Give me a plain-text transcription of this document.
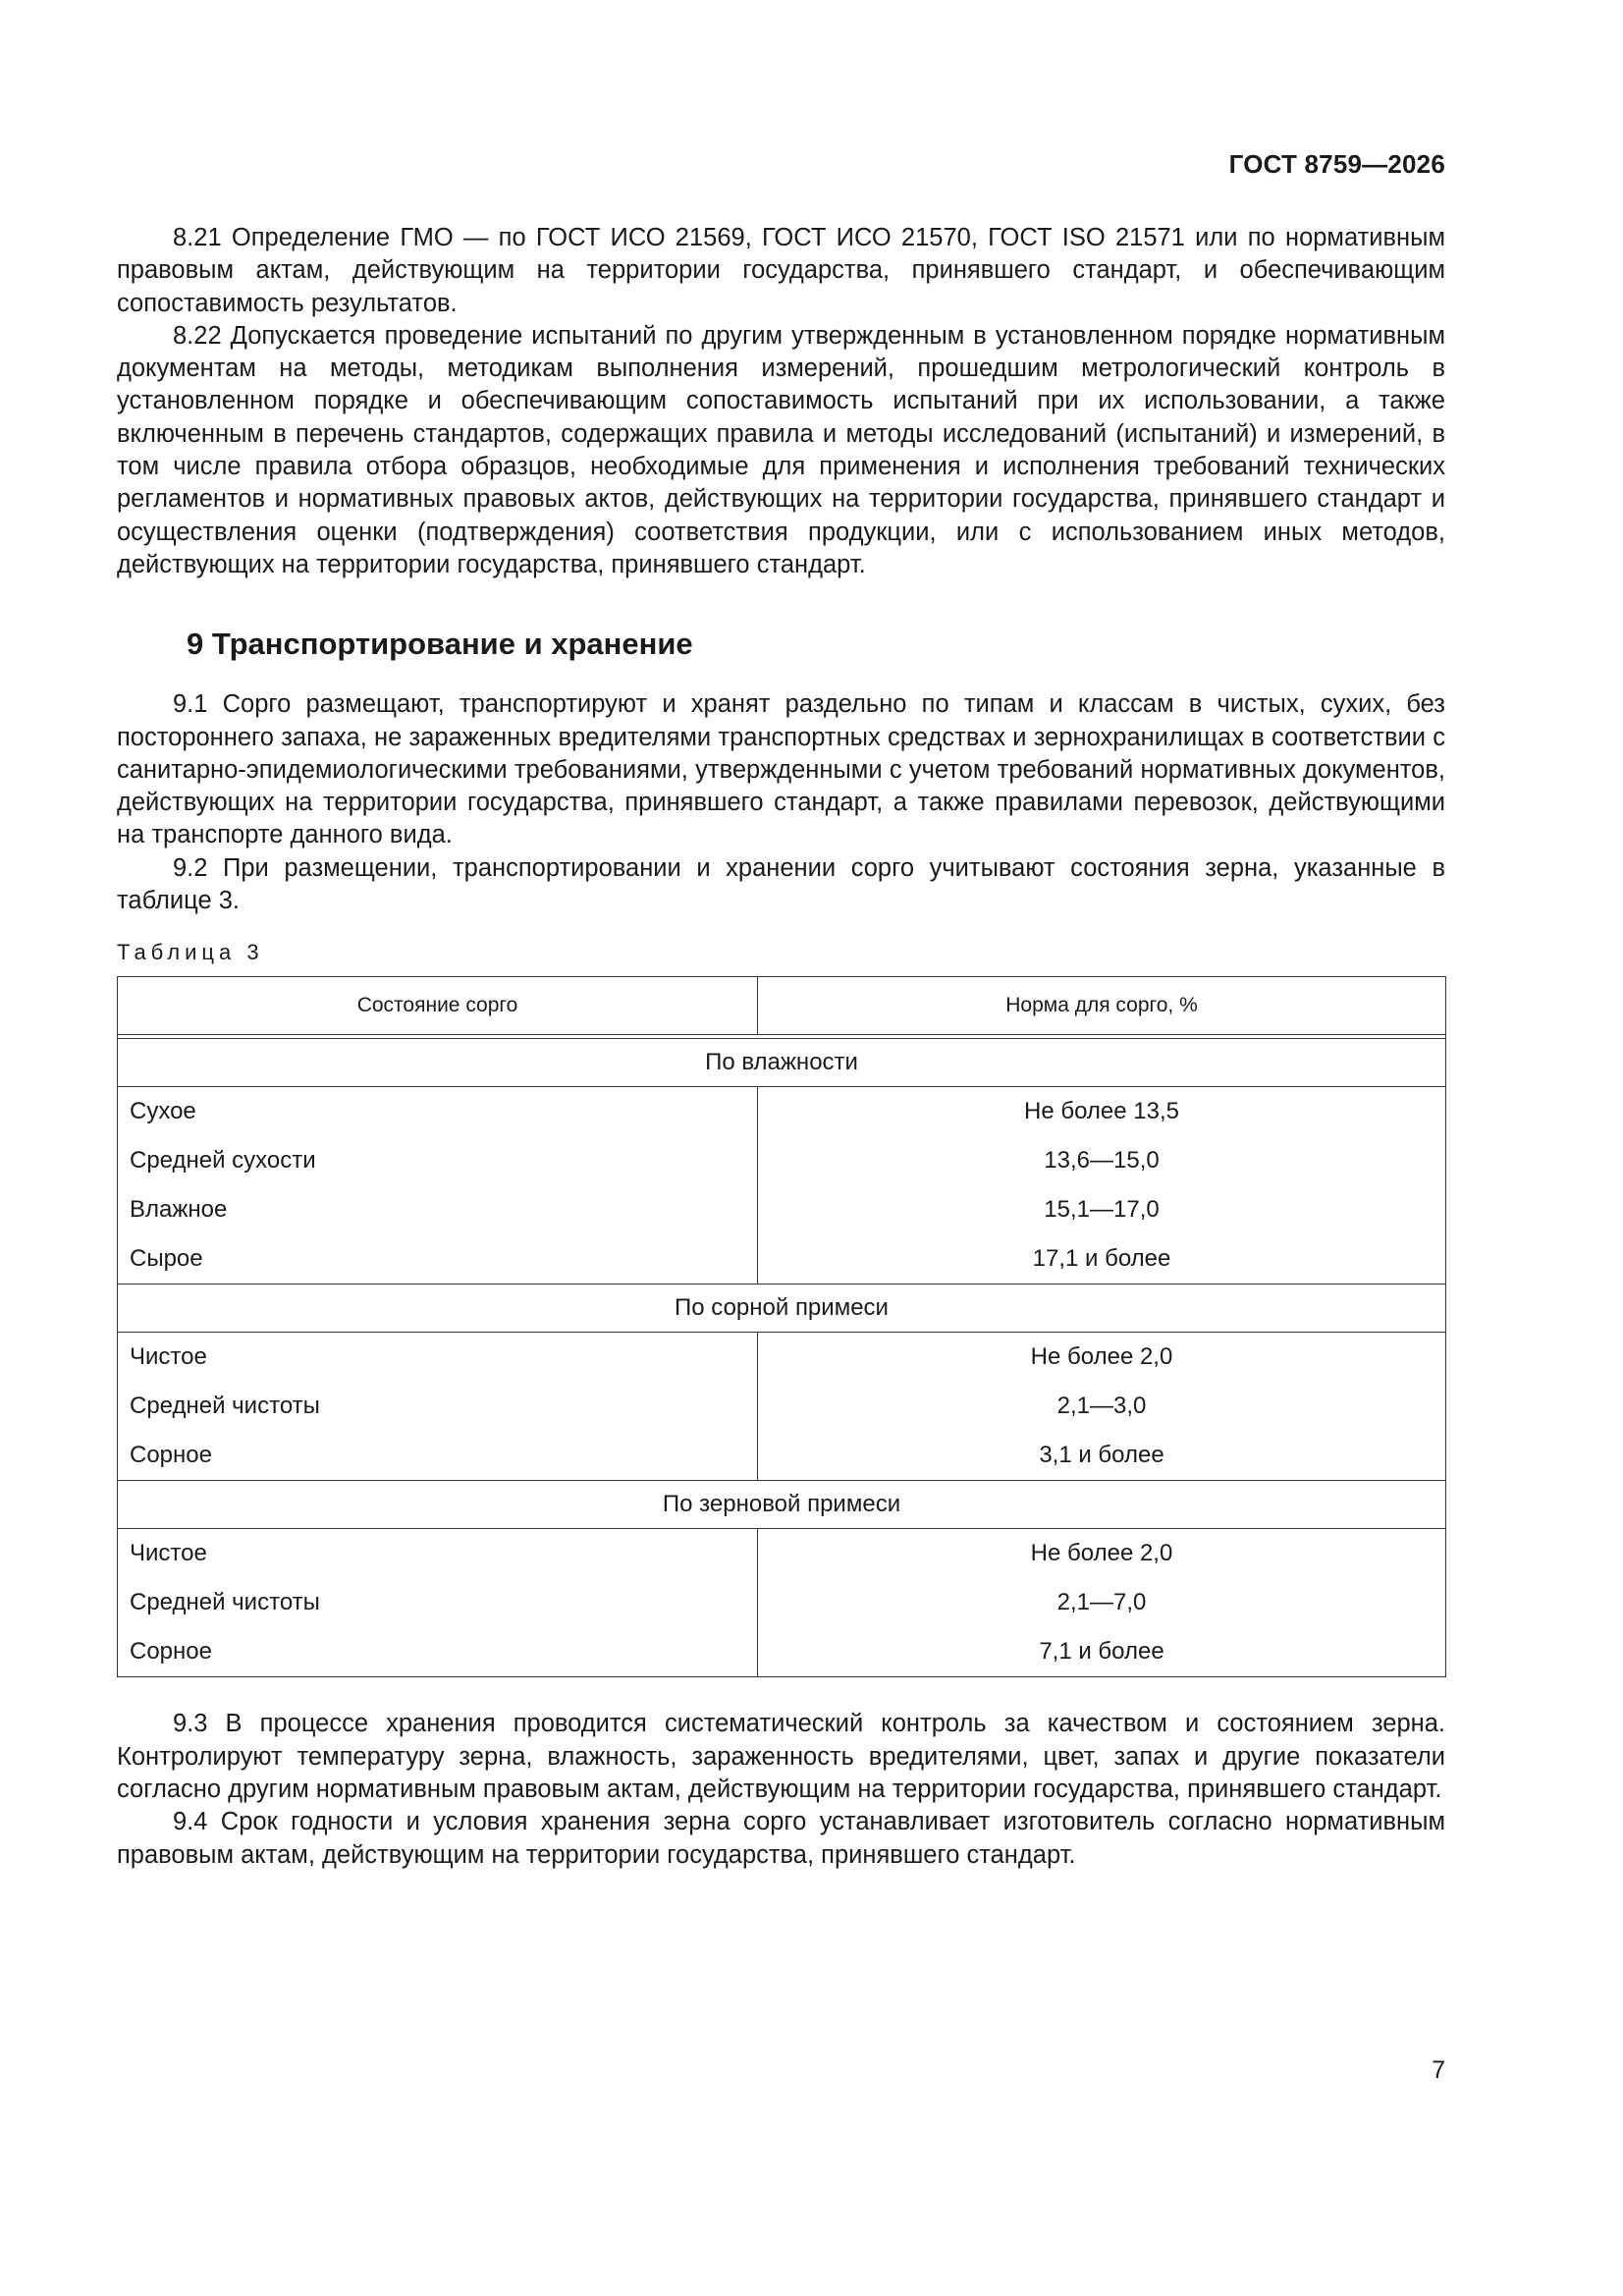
ГОСТ 8759—2026

8.21 Определение ГМО — по ГОСТ ИСО 21569, ГОСТ ИСО 21570, ГОСТ ISO 21571 или по нормативным правовым актам, действующим на территории государства, принявшего стандарт, и обеспечивающим сопоставимость результатов.

8.22 Допускается проведение испытаний по другим утвержденным в установленном порядке нормативным документам на методы, методикам выполнения измерений, прошедшим метрологический контроль в установленном порядке и обеспечивающим сопоставимость испытаний при их использовании, а также включенным в перечень стандартов, содержащих правила и методы исследований (испытаний) и измерений, в том числе правила отбора образцов, необходимые для применения и исполнения требований технических регламентов и нормативных правовых актов, действующих на территории государства, принявшего стандарт и осуществления оценки (подтверждения) соответствия продукции, или с использованием иных методов, действующих на территории государства, принявшего стандарт.

9 Транспортирование и хранение

9.1 Сорго размещают, транспортируют и хранят раздельно по типам и классам в чистых, сухих, без постороннего запаха, не зараженных вредителями транспортных средствах и зернохранилищах в соответствии с санитарно-эпидемиологическими требованиями, утвержденными с учетом требований нормативных документов, действующих на территории государства, принявшего стандарт, а также правилами перевозок, действующими на транспорте данного вида.

9.2 При размещении, транспортировании и хранении сорго учитывают состояния зерна, указанные в таблице 3.

Таблица 3
Состояние сорго	Норма для сорго, %

По влажности	
Сухое	Не более 13,5
Средней сухости	13,6—15,0
Влажное	15,1—17,0
Сырое	17,1 и более
По сорной примеси	
Чистое	Не более 2,0
Средней чистоты	2,1—3,0
Сорное	3,1 и более
По зерновой примеси	
Чистое	Не более 2,0
Средней чистоты	2,1—7,0
Сорное	7,1 и более

9.3 В процессе хранения проводится систематический контроль за качеством и состоянием зерна. Контролируют температуру зерна, влажность, зараженность вредителями, цвет, запах и другие показатели согласно другим нормативным правовым актам, действующим на территории государства, принявшего стандарт.

9.4 Срок годности и условия хранения зерна сорго устанавливает изготовитель согласно нормативным правовым актам, действующим на территории государства, принявшего стандарт.

7
